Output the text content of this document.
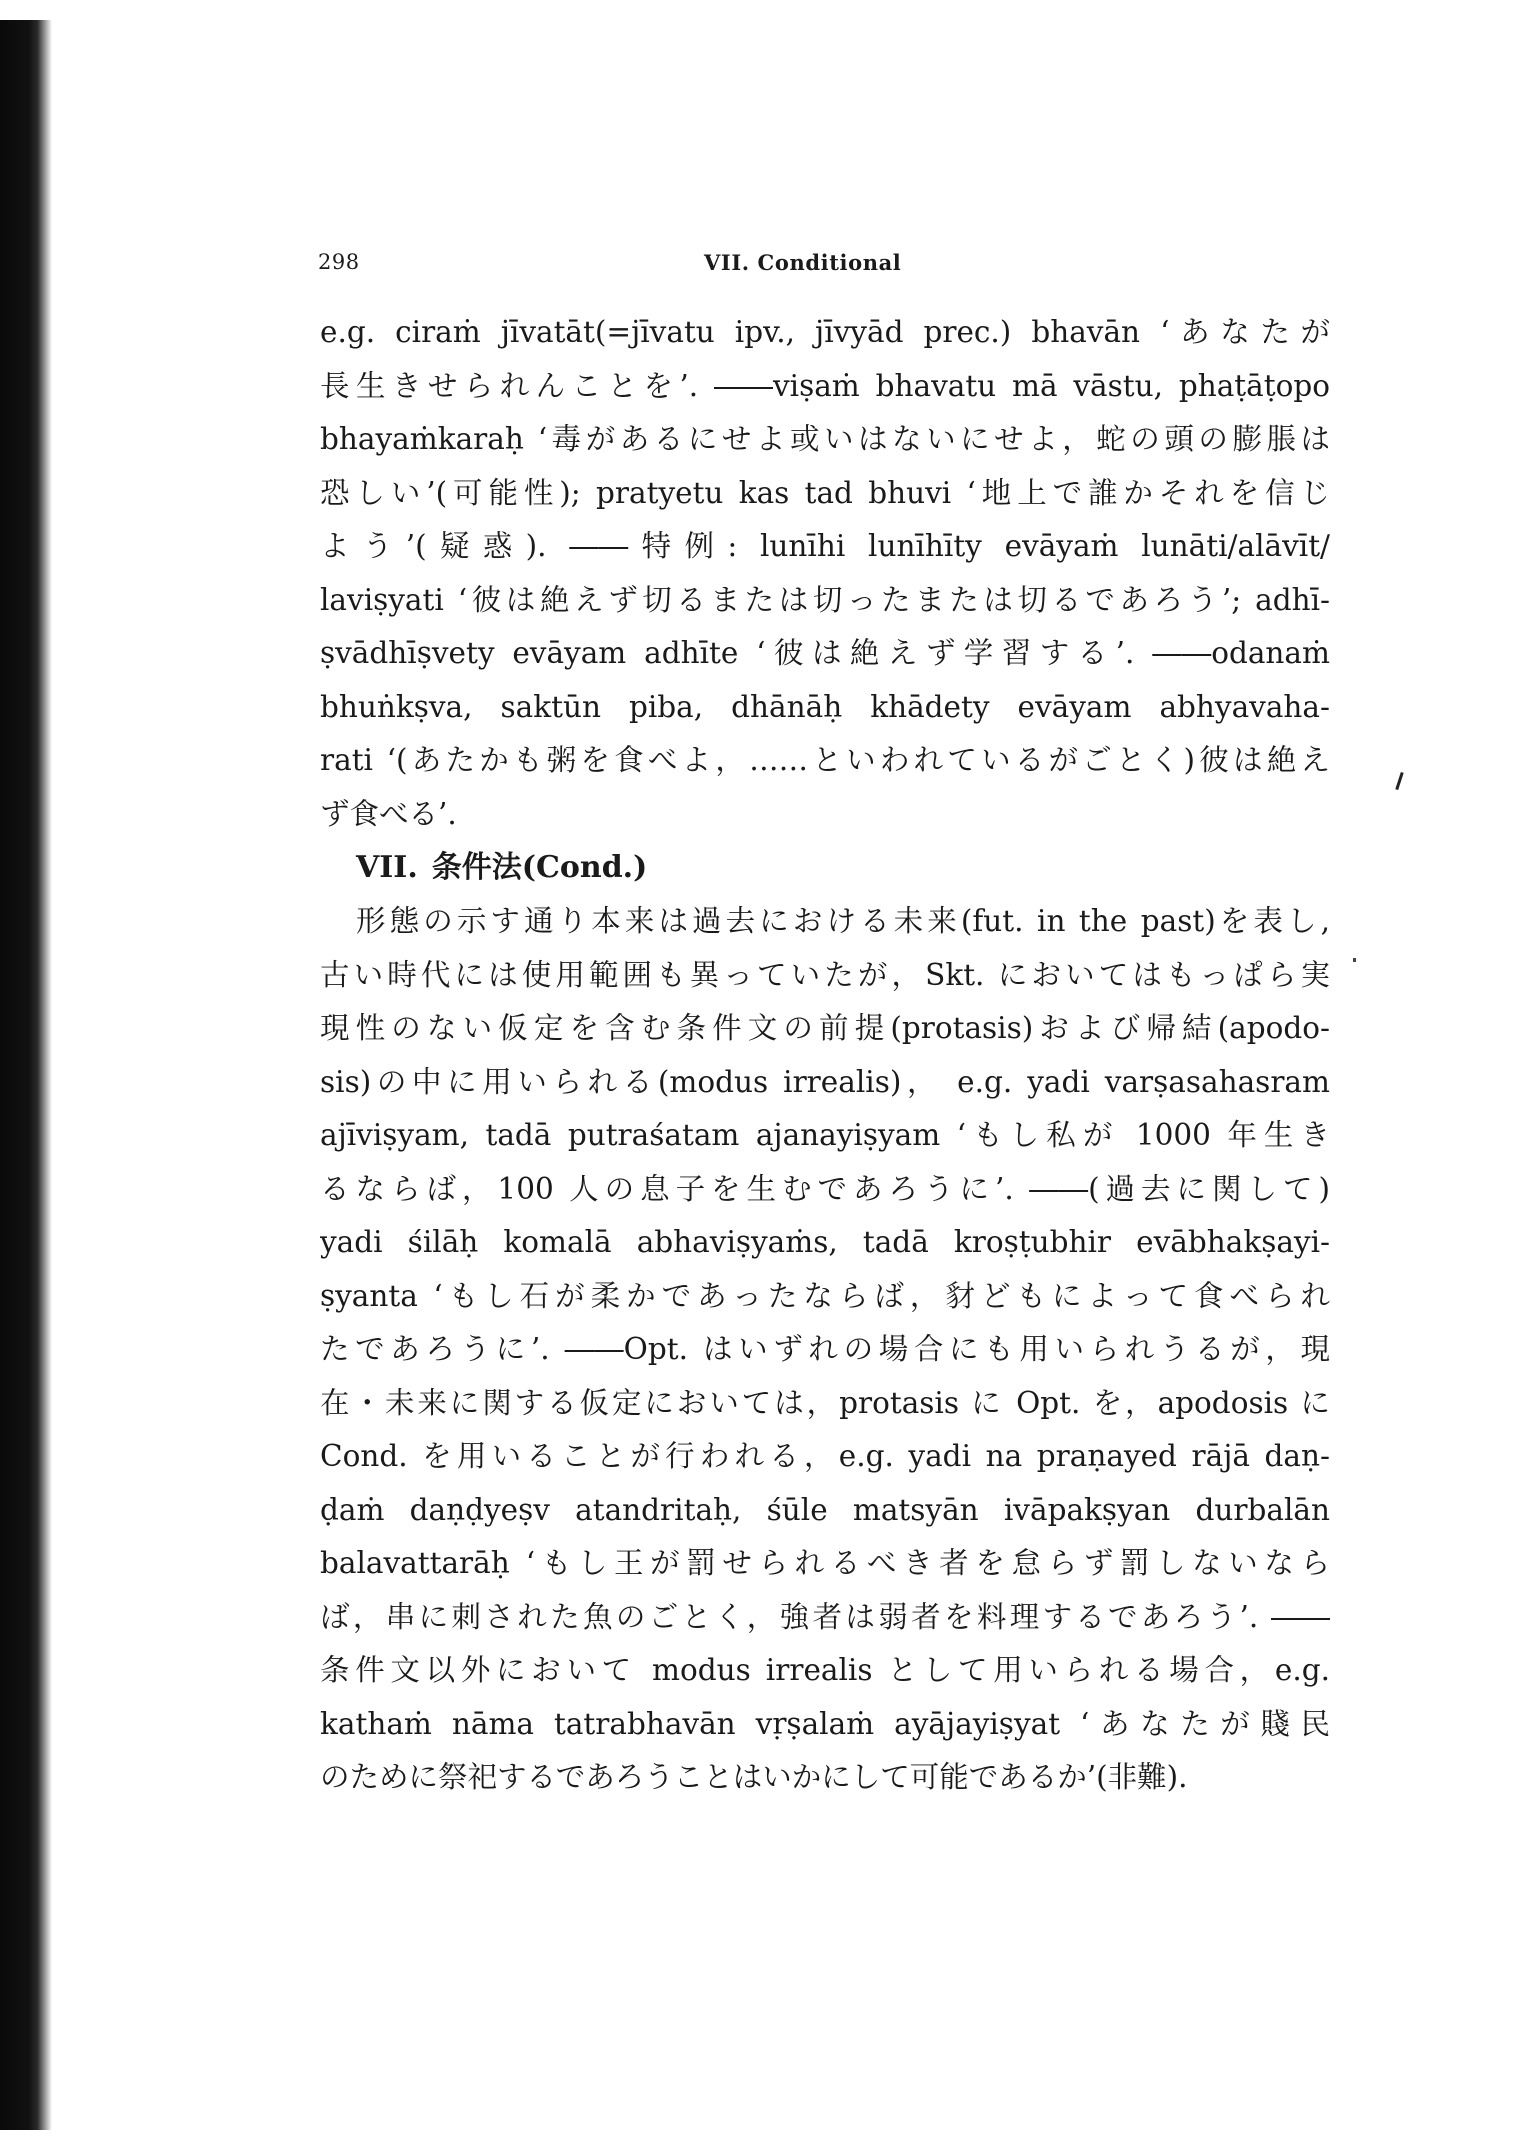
298	VII. Conditional
e.g. ciraṁ jīvatāt(=jīvatu ipv., jīvyād prec.) bhavān ‘あなたが
長生きせられんことを’. ――viṣaṁ bhavatu mā vāstu, phaṭāṭopo
bhayaṁkaraḥ ‘毒があるにせよ或いはないにせよ，蛇の頭の膨脹は
恐しい’(可能性); pratyetu kas tad bhuvi ‘地上で誰かそれを信じ
よう’(疑惑). ――特例: lunīhi lunīhīty evāyaṁ lunāti/alāvīt/
laviṣyati ‘彼は絶えず切るまたは切ったまたは切るであろう’; adhī-
ṣvādhīṣvety evāyam adhīte ‘彼は絶えず学習する’. ――odanaṁ
bhuṅkṣva, saktūn piba, dhānāḥ khādety evāyam abhyavaha-
rati ‘(あたかも粥を食べよ，……といわれているがごとく)彼は絶え
ず食べる’.
VII. 条件法(Cond.)
形態の示す通り本来は過去における未来(fut. in the past)を表し,
古い時代には使用範囲も異っていたが，Skt. においてはもっぱら実
現性のない仮定を含む条件文の前提(protasis)および帰結(apodo-
sis)の中に用いられる(modus irrealis)， e.g. yadi varṣasahasram
ajīviṣyam, tadā putraśatam ajanayiṣyam ‘もし私が 1000 年生き
るならば，100 人の息子を生むであろうに’. ――(過去に関して)
yadi śilāḥ komalā abhaviṣyaṁs, tadā kroṣṭubhir evābhakṣayi-
ṣyanta ‘もし石が柔かであったならば，豺どもによって食べられ
たであろうに’. ――Opt. はいずれの場合にも用いられうるが，現
在・未来に関する仮定においては，protasis に Opt. を，apodosis に
Cond. を用いることが行われる，e.g. yadi na praṇayed rājā daṇ-
ḍaṁ daṇḍyeṣv atandritaḥ, śūle matsyān ivāpakṣyan durbalān
balavattarāḥ ‘もし王が罰せられるべき者を怠らず罰しないなら
ば，串に刺された魚のごとく，強者は弱者を料理するであろう’. ――
条件文以外において modus irrealis として用いられる場合，e.g.
kathaṁ nāma tatrabhavān vṛṣalaṁ ayājayiṣyat ‘あなたが賤民
のために祭祀するであろうことはいかにして可能であるか’(非難).
